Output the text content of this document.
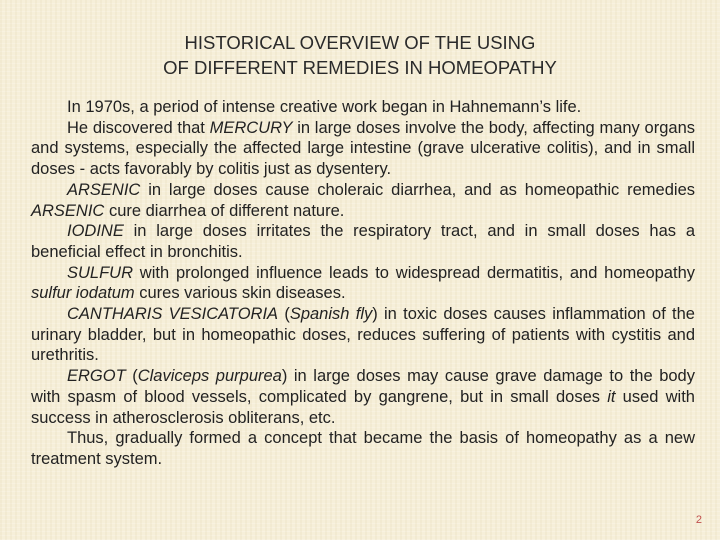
HISTORICAL OVERVIEW OF THE USING
OF DIFFERENT REMEDIES IN HOMEOPATHY

In 1970s, a period of intense creative work began in Hahnemann’s life.

He discovered that MERCURY in large doses involve the body, affecting many organs and systems, especially the affected large intestine (grave ulcerative colitis), and in small doses - acts favorably by colitis just as dysentery.

ARSENIC in large doses cause choleraic diarrhea, and as homeopathic remedies ARSENIC cure diarrhea of different nature.

IODINE in large doses irritates the respiratory tract, and in small doses has a beneficial effect in bronchitis.

SULFUR with prolonged influence leads to widespread dermatitis, and homeopathy sulfur iodatum cures various skin diseases.

CANTHARIS VESICATORIA (Spanish fly) in toxic doses causes inflammation of the urinary bladder, but in homeopathic doses, reduces suffering of patients with cystitis and urethritis.

ERGOT (Claviceps purpurea) in large doses may cause grave damage to the body with spasm of blood vessels, complicated by gangrene, but in small doses it used with success in atherosclerosis obliterans, etc.

Thus, gradually formed a concept that became the basis of homeopathy as a new treatment system.

2
